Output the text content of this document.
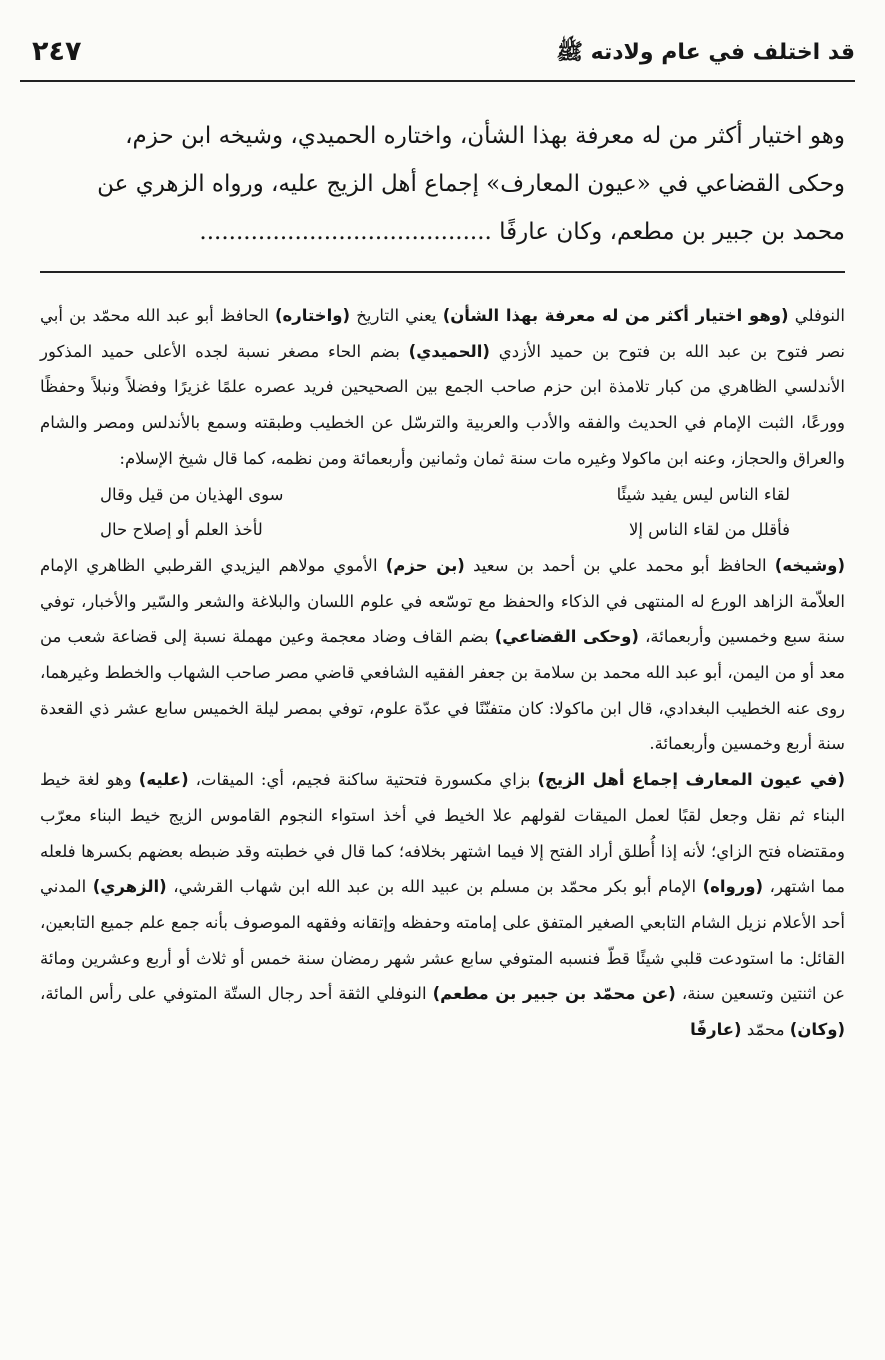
٢٤٧	قد اختلف في عام ولادته ﷺ

وهو اختيار أكثر من له معرفة بهذا الشأن، واختاره الحميدي، وشيخه ابن حزم،

وحكى القضاعي في «عيون المعارف» إجماع أهل الزيج عليه، ورواه الزهري عن

محمد بن جبير بن مطعم، وكان عارفًا ........................................

النوفلي (وهو اختيار أكثر من له معرفة بهذا الشأن) يعني التاريخ (واختاره) الحافظ أبو عبد الله محمّد بن أبي نصر فتوح بن عبد الله بن فتوح بن حميد الأزدي (الحميدي) بضم الحاء مصغر نسبة لجده الأعلى حميد المذكور الأندلسي الظاهري من كبار تلامذة ابن حزم صاحب الجمع بين الصحيحين فريد عصره علمًا غزيرًا وفضلاً ونبلاً وحفظًا وورعًا، الثبت الإمام في الحديث والفقه والأدب والعربية والترسّل عن الخطيب وطبقته وسمع بالأندلس ومصر والشام والعراق والحجاز، وعنه ابن ماكولا وغيره مات سنة ثمان وثمانين وأربعمائة ومن نظمه، كما قال شيخ الإسلام:

لقاء الناس ليس يفيد شيئًا
سوى الهذيان من قيل وقال
فأقلل من لقاء الناس إلا
لأخذ العلم أو إصلاح حال

(وشيخه) الحافظ أبو محمد علي بن أحمد بن سعيد (بن حزم) الأموي مولاهم اليزيدي القرطبي الظاهري الإمام العلاّمة الزاهد الورع له المنتهى في الذكاء والحفظ مع توسّعه في علوم اللسان والبلاغة والشعر والسّير والأخبار، توفي سنة سبع وخمسين وأربعمائة، (وحكى القضاعي) بضم القاف وضاد معجمة وعين مهملة نسبة إلى قضاعة شعب من معد أو من اليمن، أبو عبد الله محمد بن سلامة بن جعفر الفقيه الشافعي قاضي مصر صاحب الشهاب والخطط وغيرهما، روى عنه الخطيب البغدادي، قال ابن ماكولا: كان متفنّنًا في عدّة علوم، توفي بمصر ليلة الخميس سابع عشر ذي القعدة سنة أربع وخمسين وأربعمائة.

(في عيون المعارف إجماع أهل الزيج) بزاي مكسورة فتحتية ساكنة فجيم، أي: الميقات، (عليه) وهو لغة خيط البناء ثم نقل وجعل لقبًا لعمل الميقات لقولهم علا الخيط في أخذ استواء النجوم القاموس الزيج خيط البناء معرّب ومقتضاه فتح الزاي؛ لأنه إذا أُطلق أراد الفتح إلا فيما اشتهر بخلافه؛ كما قال في خطبته وقد ضبطه بعضهم بكسرها فلعله مما اشتهر، (ورواه) الإمام أبو بكر محمّد بن مسلم بن عبيد الله بن عبد الله ابن شهاب القرشي، (الزهري) المدني أحد الأعلام نزيل الشام التابعي الصغير المتفق على إمامته وحفظه وإتقانه وفقهه الموصوف بأنه جمع علم جميع التابعين، القائل: ما استودعت قلبي شيئًا قطّ فنسبه المتوفي سابع عشر شهر رمضان سنة خمس أو ثلاث أو أربع وعشرين ومائة عن اثنتين وتسعين سنة، (عن محمّد بن جبير بن مطعم) النوفلي الثقة أحد رجال الستّة المتوفي على رأس المائة، (وكان) محمّد (عارفًا
